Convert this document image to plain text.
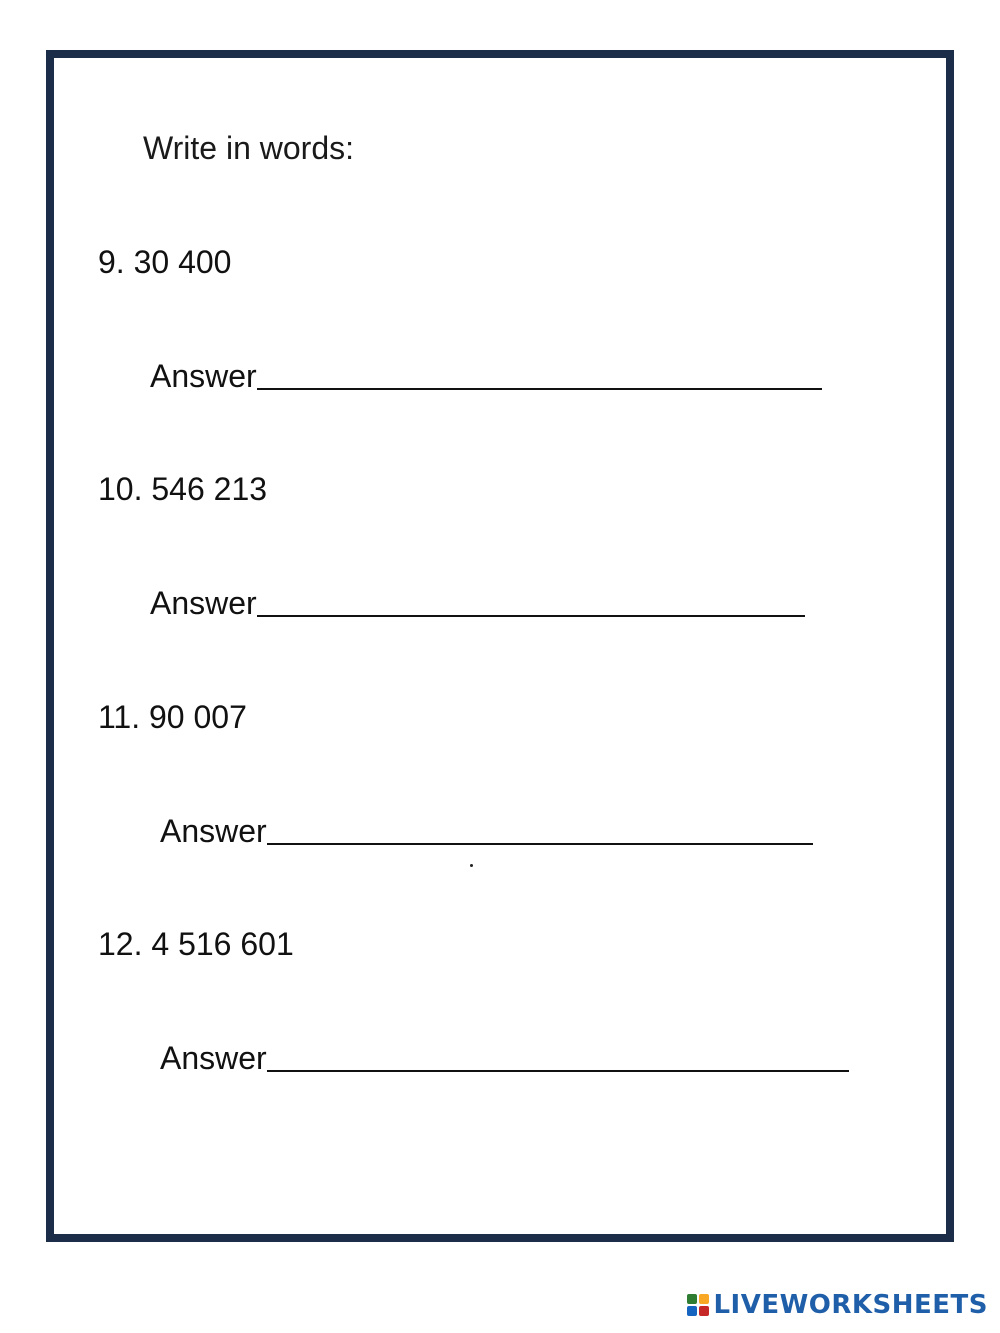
Write in words:
9. 30 400
Answer
10. 546 213
Answer
11. 90 007
Answer
12. 4 516 601
Answer
LIVEWORKSHEETS
